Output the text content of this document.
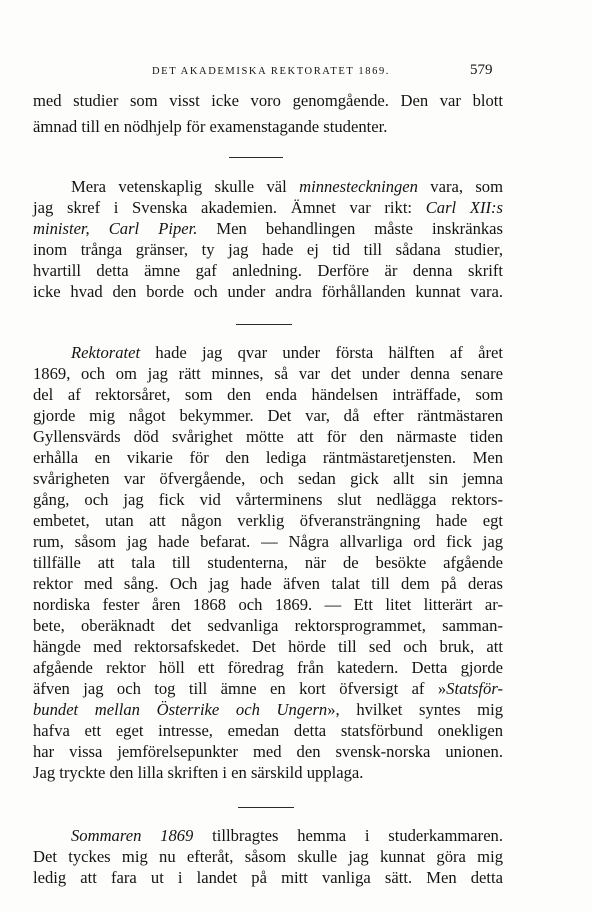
DET AKADEMISKA REKTORATET 1869.	579
med studier som visst icke voro genomgående. Den var blott
ämnad till en nödhjelp för examenstagande studenter.
Mera vetenskaplig skulle väl minnesteckningen vara, som
jag skref i Svenska akademien. Ämnet var rikt: Carl XII:s
minister, Carl Piper. Men behandlingen måste inskränkas
inom trånga gränser, ty jag hade ej tid till sådana studier,
hvartill detta ämne gaf anledning. Derföre är denna skrift
icke hvad den borde och under andra förhållanden kunnat vara.
Rektoratet hade jag qvar under första hälften af året
1869, och om jag rätt minnes, så var det under denna senare
del af rektorsåret, som den enda händelsen inträffade, som
gjorde mig något bekymmer. Det var, då efter räntmästaren
Gyllensvärds död svårighet mötte att för den närmaste tiden
erhålla en vikarie för den lediga räntmästaretjensten. Men
svårigheten var öfvergående, och sedan gick allt sin jemna
gång, och jag fick vid vårterminens slut nedlägga rektors-
embetet, utan att någon verklig öfveransträngning hade egt
rum, såsom jag hade befarat. — Några allvarliga ord fick jag
tillfälle att tala till studenterna, när de besökte afgående
rektor med sång. Och jag hade äfven talat till dem på deras
nordiska fester åren 1868 och 1869. — Ett litet litterärt ar-
bete, oberäknadt det sedvanliga rektorsprogrammet, samman-
hängde med rektorsafskedet. Det hörde till sed och bruk, att
afgående rektor höll ett föredrag från katedern. Detta gjorde
äfven jag och tog till ämne en kort öfversigt af »Statsför-
bundet mellan Österrike och Ungern», hvilket syntes mig
hafva ett eget intresse, emedan detta statsförbund onekligen
har vissa jemförelsepunkter med den svensk-norska unionen.
Jag tryckte den lilla skriften i en särskild upplaga.
Sommaren 1869 tillbragtes hemma i studerkammaren.
Det tyckes mig nu efteråt, såsom skulle jag kunnat göra mig
ledig att fara ut i landet på mitt vanliga sätt. Men detta
